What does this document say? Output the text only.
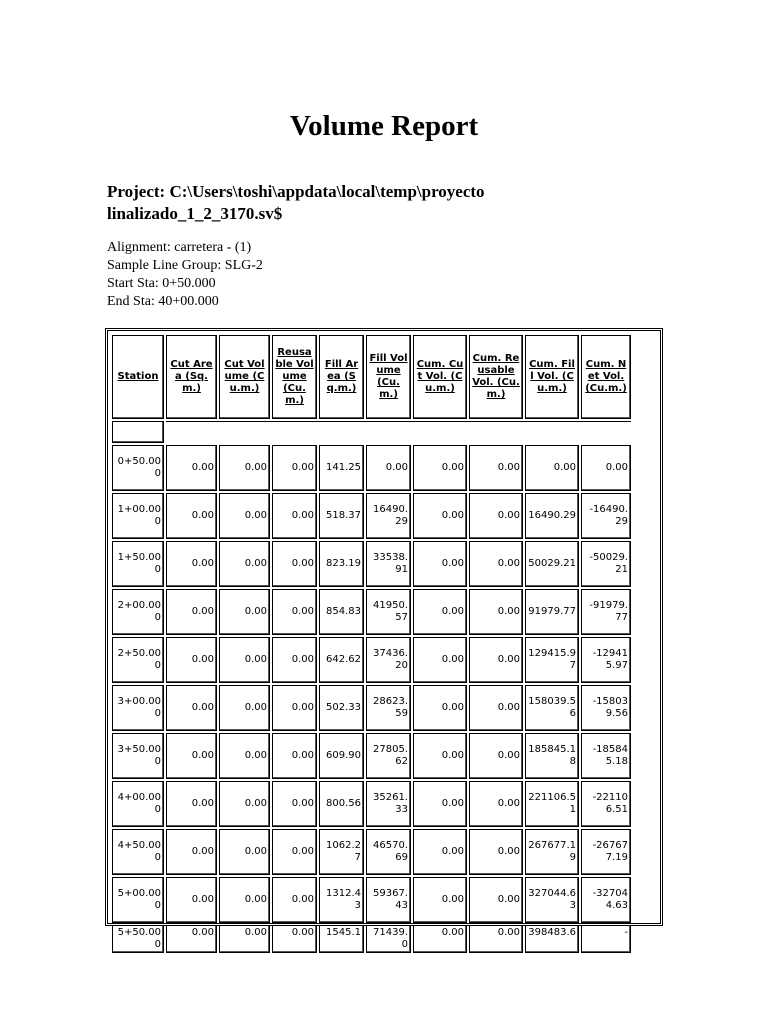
Volume Report
Project: C:\Users\toshi\appdata\local\temp\proyecto
linalizado_1_2_3170.sv$
Alignment: carretera - (1)
Sample Line Group: SLG-2
Start Sta: 0+50.000
End Sta: 40+00.000
Station	Cut Area (Sq.m.)	Cut Volume (Cu.m.)	Reusable Volume (Cu.m.)	Fill Area (Sq.m.)	Fill Volume (Cu.m.)	Cum. Cut Vol. (Cu.m.)	Cum. Reusable Vol. (Cu.m.)	Cum. Fill Vol. (Cu.m.)	Cum. Net Vol. (Cu.m.)

0+50.000	0.00	0.00	0.00	141.25	0.00	0.00	0.00	0.00	0.00
1+00.000	0.00	0.00	0.00	518.37	16490.29	0.00	0.00	16490.29	-16490.29
1+50.000	0.00	0.00	0.00	823.19	33538.91	0.00	0.00	50029.21	-50029.21
2+00.000	0.00	0.00	0.00	854.83	41950.57	0.00	0.00	91979.77	-91979.77
2+50.000	0.00	0.00	0.00	642.62	37436.20	0.00	0.00	129415.97	-129415.97
3+00.000	0.00	0.00	0.00	502.33	28623.59	0.00	0.00	158039.56	-158039.56
3+50.000	0.00	0.00	0.00	609.90	27805.62	0.00	0.00	185845.18	-185845.18
4+00.000	0.00	0.00	0.00	800.56	35261.33	0.00	0.00	221106.51	-221106.51
4+50.000	0.00	0.00	0.00	1062.27	46570.69	0.00	0.00	267677.19	-267677.19
5+00.000	0.00	0.00	0.00	1312.43	59367.43	0.00	0.00	327044.63	-327044.63
5+50.000	0.00	0.00	0.00	1545.1	71439.0	0.00	0.00	398483.6	-
